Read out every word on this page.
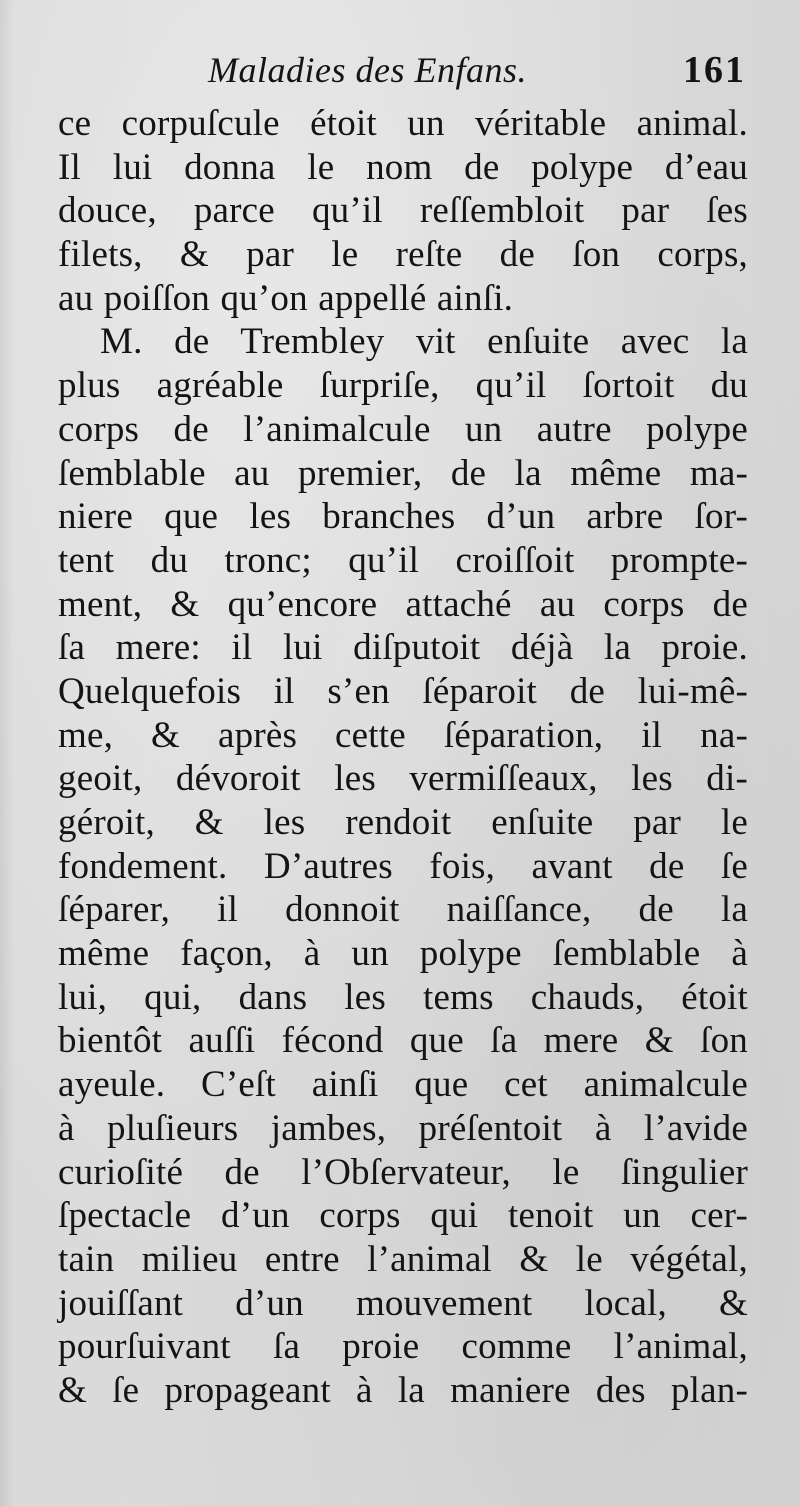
Maladies des Enfans.	161
ce corpuſcule étoit un véritable animal.
Il lui donna le nom de polype d’eau
douce, parce qu’il reſſembloit par ſes
filets, & par le reſte de ſon corps,
au poiſſon qu’on appellé ainſi.
M. de Trembley vit enſuite avec la
plus agréable ſurpriſe, qu’il ſortoit du
corps de l’animalcule un autre polype
ſemblable au premier, de la même ma-
niere que les branches d’un arbre ſor-
tent du tronc; qu’il croiſſoit prompte-
ment, & qu’encore attaché au corps de
ſa mere: il lui diſputoit déjà la proie.
Quelquefois il s’en ſéparoit de lui-mê-
me, & après cette ſéparation, il na-
geoit, dévoroit les vermiſſeaux, les di-
géroit, & les rendoit enſuite par le
fondement. D’autres fois, avant de ſe
ſéparer, il donnoit naiſſance, de la
même façon, à un polype ſemblable à
lui, qui, dans les tems chauds, étoit
bientôt auſſi fécond que ſa mere & ſon
ayeule. C’eſt ainſi que cet animalcule
à pluſieurs jambes, préſentoit à l’avide
curioſité de l’Obſervateur, le ſingulier
ſpectacle d’un corps qui tenoit un cer-
tain milieu entre l’animal & le végétal,
jouiſſant d’un mouvement local, &
pourſuivant ſa proie comme l’animal,
& ſe propageant à la maniere des plan-
